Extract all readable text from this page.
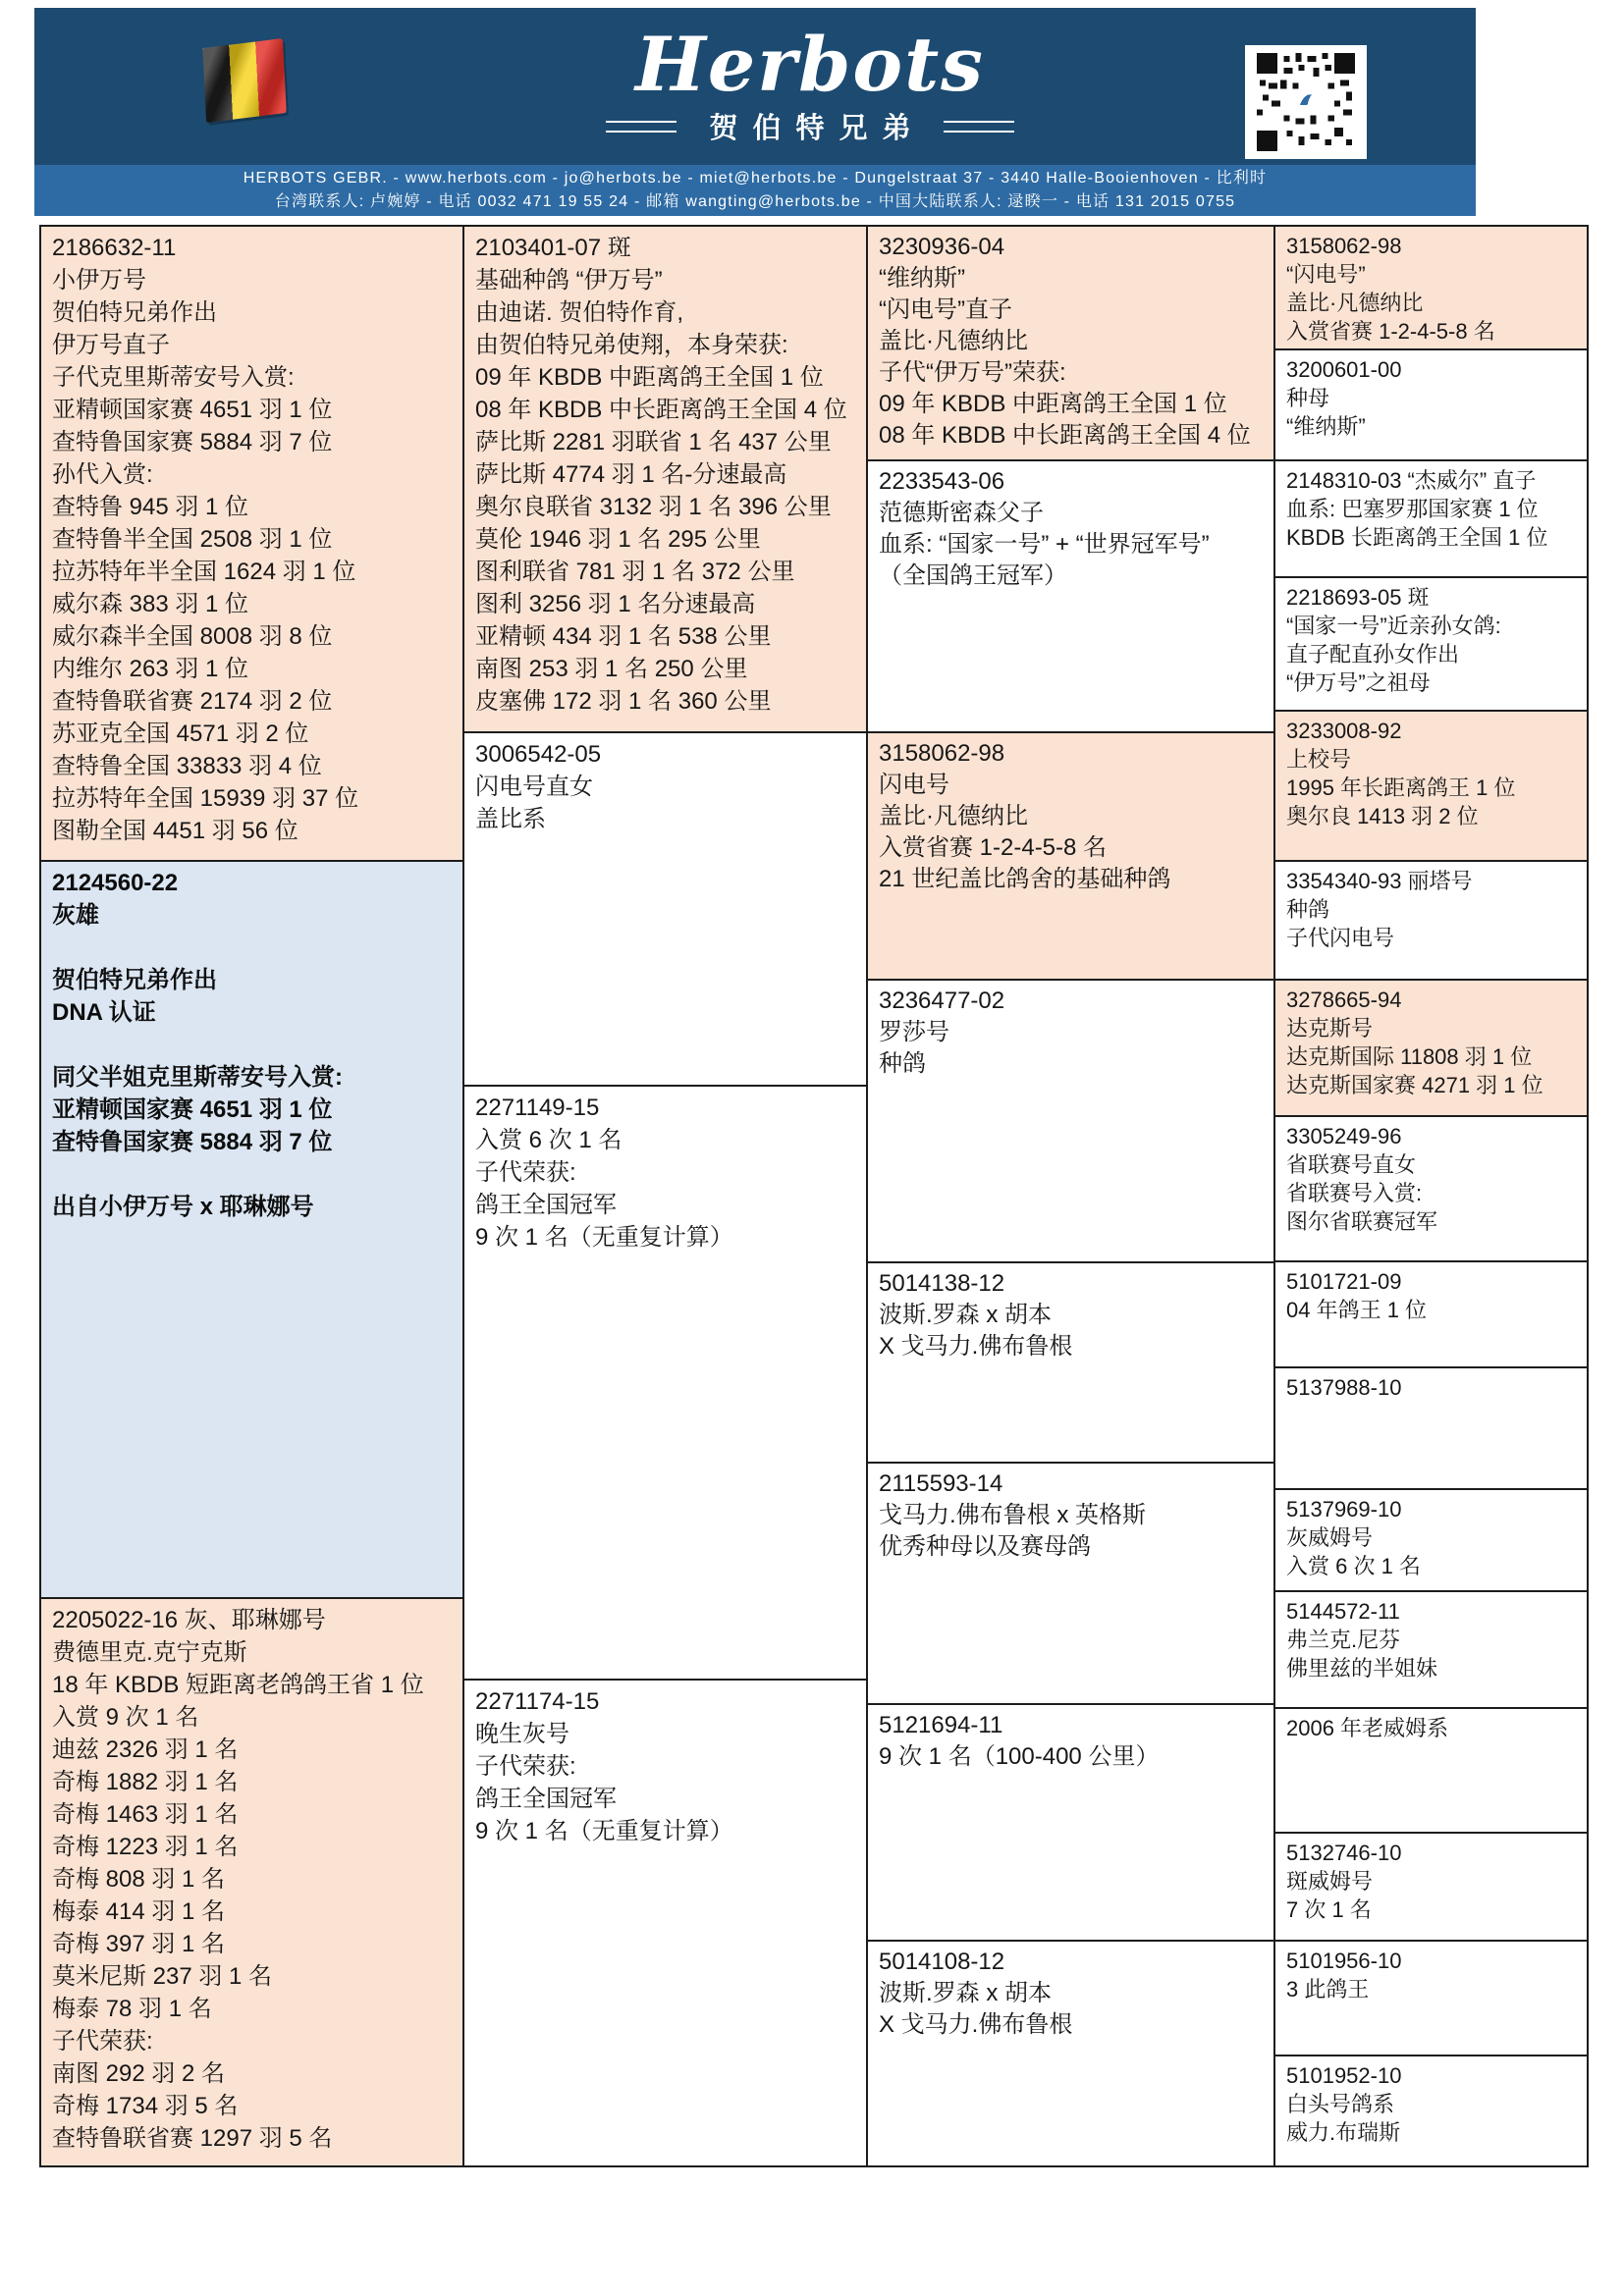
Herbots
贺伯特兄弟
HERBOTS GEBR. - www.herbots.com - jo@herbots.be - miet@herbots.be - Dungelstraat 37 - 3440 Halle-Booienhoven - 比利时
台湾联系人: 卢婉婷 - 电话 0032 471 19 55 24 - 邮箱 wangting@herbots.be - 中国大陆联系人: 逯睽一 - 电话 131 2015 0755
2186632-11
小伊万号
贺伯特兄弟作出
伊万号直子
子代克里斯蒂安号入赏:
亚精顿国家赛 4651 羽 1 位
查特鲁国家赛 5884 羽 7 位
孙代入赏:
查特鲁 945 羽 1 位
查特鲁半全国 2508 羽 1 位
拉苏特年半全国 1624 羽 1 位
威尔森 383 羽 1 位
威尔森半全国 8008 羽 8 位
内维尔 263 羽 1 位
查特鲁联省赛 2174 羽 2 位
苏亚克全国 4571 羽 2 位
查特鲁全国 33833 羽 4 位
拉苏特年全国 15939 羽 37 位
图勒全国 4451 羽 56 位
2124560-22
灰雄
贺伯特兄弟作出
DNA 认证
同父半姐克里斯蒂安号入赏:
亚精顿国家赛 4651 羽 1 位
查特鲁国家赛 5884 羽 7 位
出自小伊万号 x 耶琳娜号
2205022-16 灰、耶琳娜号
费德里克.克宁克斯
18 年 KBDB 短距离老鸽鸽王省 1 位
入赏 9 次 1 名
迪兹 2326 羽 1 名
奇梅 1882 羽 1 名
奇梅 1463 羽 1 名
奇梅 1223 羽 1 名
奇梅 808 羽 1 名
梅泰 414 羽 1 名
奇梅 397 羽 1 名
莫米尼斯 237 羽 1 名
梅泰 78 羽 1 名
子代荣获:
南图 292 羽 2 名
奇梅 1734 羽 5 名
查特鲁联省赛 1297 羽 5 名
2103401-07 斑
基础种鸽 “伊万号”
由迪诺. 贺伯特作育,
由贺伯特兄弟使翔，本身荣获:
09 年 KBDB 中距离鸽王全国 1 位
08 年 KBDB 中长距离鸽王全国 4 位
萨比斯 2281 羽联省 1 名 437 公里
萨比斯 4774 羽 1 名-分速最高
奥尔良联省 3132 羽 1 名 396 公里
莫伦 1946 羽 1 名 295 公里
图利联省 781 羽 1 名 372 公里
图利 3256 羽 1 名分速最高
亚精顿 434 羽 1 名 538 公里
南图 253 羽 1 名 250 公里
皮塞佛 172 羽 1 名 360 公里
3006542-05
闪电号直女
盖比系
2271149-15
入赏 6 次 1 名
子代荣获:
鸽王全国冠军
9 次 1 名（无重复计算）
2271174-15
晚生灰号
子代荣获:
鸽王全国冠军
9 次 1 名（无重复计算）
3230936-04
“维纳斯”
“闪电号”直子
盖比·凡德纳比
子代“伊万号”荣获:
09 年 KBDB 中距离鸽王全国 1 位
08 年 KBDB 中长距离鸽王全国 4 位
2233543-06
范德斯密森父子
血系: “国家一号” + “世界冠军号”
（全国鸽王冠军）
3158062-98
闪电号
盖比·凡德纳比
入赏省赛 1-2-4-5-8 名
21 世纪盖比鸽舍的基础种鸽
3236477-02
罗莎号
种鸽
5014138-12
波斯.罗森 x 胡本
X 戈马力.佛布鲁根
2115593-14
戈马力.佛布鲁根 x 英格斯
优秀种母以及赛母鸽
5121694-11
9 次 1 名（100-400 公里）
5014108-12
波斯.罗森 x 胡本
X 戈马力.佛布鲁根
3158062-98
“闪电号”
盖比·凡德纳比
入赏省赛 1-2-4-5-8 名
3200601-00
种母
“维纳斯”
2148310-03 “杰威尔” 直子
血系: 巴塞罗那国家赛 1 位
KBDB 长距离鸽王全国 1 位
2218693-05 斑
“国家一号”近亲孙女鸽:
直子配直孙女作出
“伊万号”之祖母
3233008-92
上校号
1995 年长距离鸽王 1 位
奥尔良 1413 羽 2 位
3354340-93 丽塔号
种鸽
子代闪电号
3278665-94
达克斯号
达克斯国际 11808 羽 1 位
达克斯国家赛 4271 羽 1 位
3305249-96
省联赛号直女
省联赛号入赏:
图尔省联赛冠军
5101721-09
04 年鸽王 1 位
5137988-10
5137969-10
灰威姆号
入赏 6 次 1 名
5144572-11
弗兰克.尼芬
佛里兹的半姐妹
2006 年老威姆系
5132746-10
斑威姆号
7 次 1 名
5101956-10
3 此鸽王
5101952-10
白头号鸽系
威力.布瑞斯
